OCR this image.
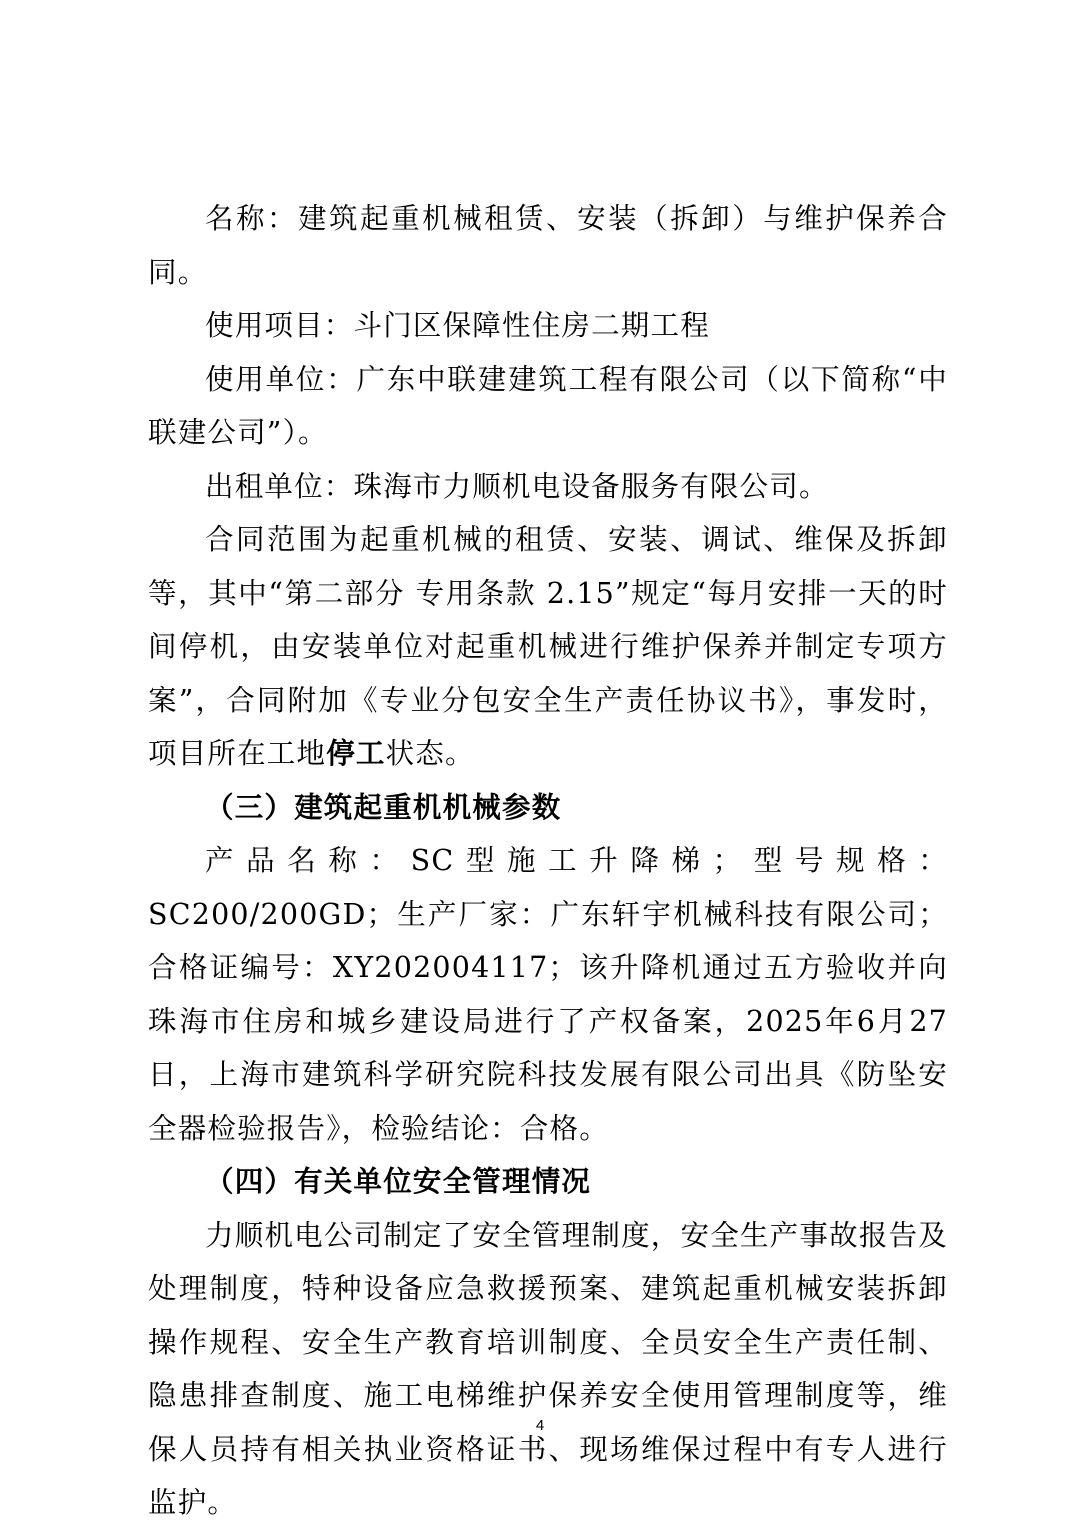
名称：建筑起重机械租赁、安装（拆卸）与维护保养合同。

使用项目：斗门区保障性住房二期工程

使用单位：广东中联建建筑工程有限公司（以下简称“中联建公司”）。

出租单位：珠海市力顺机电设备服务有限公司。

合同范围为起重机械的租赁、安装、调试、维保及拆卸等，其中“第二部分 专用条款 2.15”规定“每月安排一天的时间停机，由安装单位对起重机械进行维护保养并制定专项方案”，合同附加《专业分包安全生产责任协议书》，事发时，项目所在工地停工状态。

（三）建筑起重机机械参数

产品名称：SC型施工升降梯；型号规格：SC200/200GD；生产厂家：广东轩宇机械科技有限公司；合格证编号：XY202004117；该升降机通过五方验收并向珠海市住房和城乡建设局进行了产权备案，2025年6月27日，上海市建筑科学研究院科技发展有限公司出具《防坠安全器检验报告》，检验结论：合格。

（四）有关单位安全管理情况

力顺机电公司制定了安全管理制度，安全生产事故报告及处理制度，特种设备应急救援预案、建筑起重机械安装拆卸操作规程、安全生产教育培训制度、全员安全生产责任制、隐患排查制度、施工电梯维护保养安全使用管理制度等，维保人员持有相关执业资格证书、现场维保过程中有专人进行监护。

4
